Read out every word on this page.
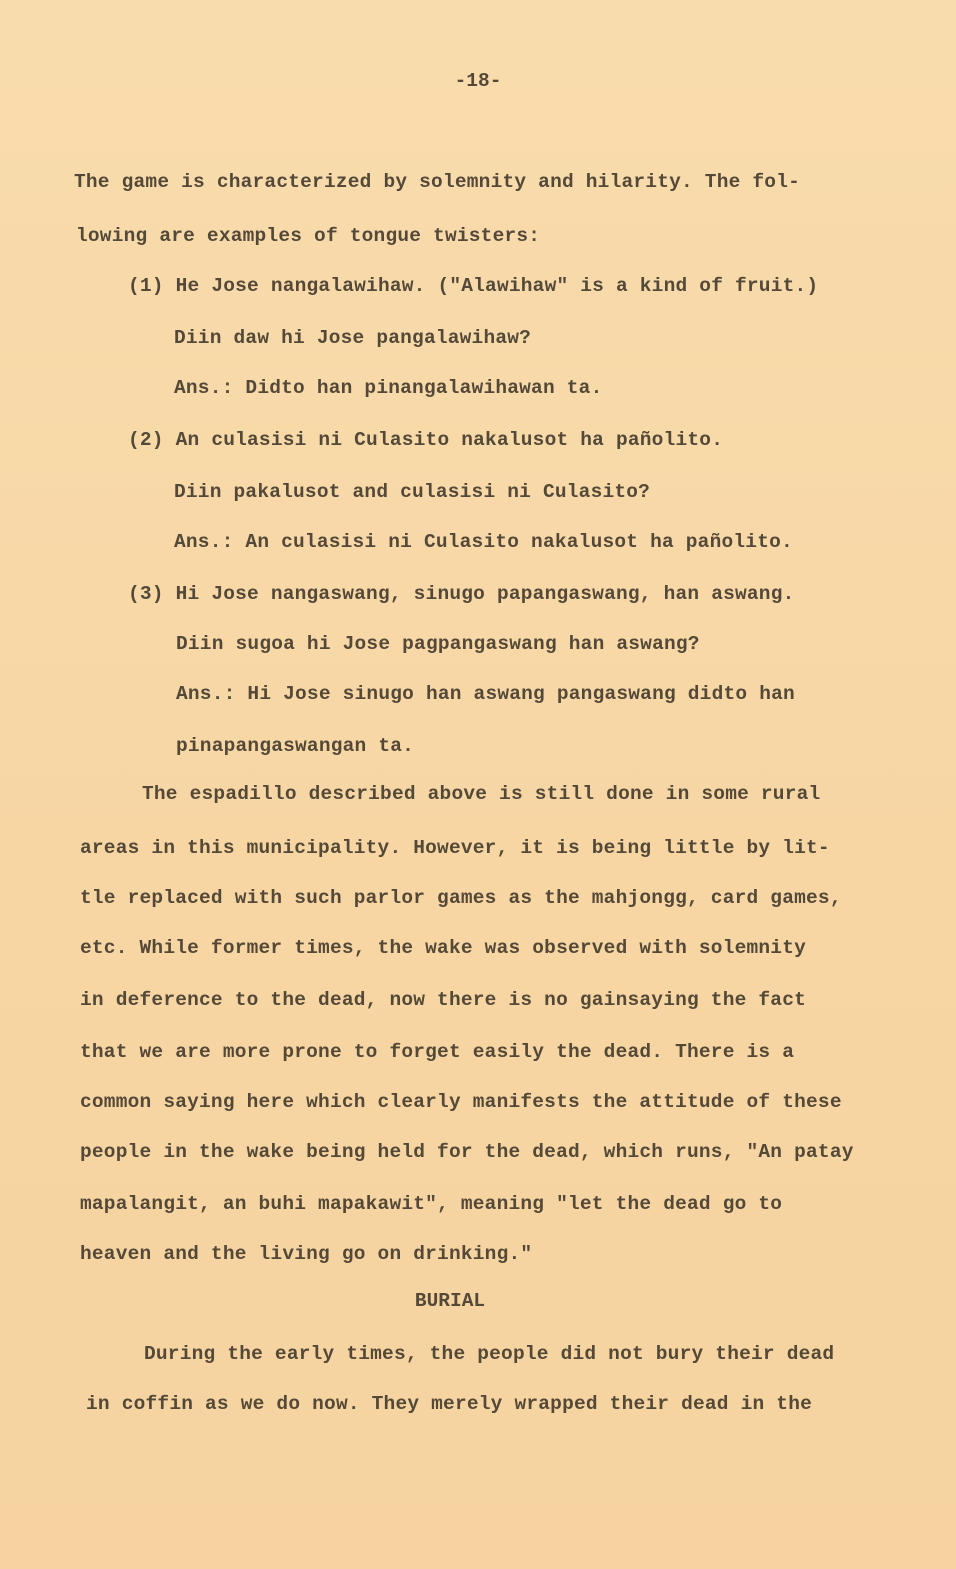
-18-
The game is characterized by solemnity and hilarity. The fol-
lowing are examples of tongue twisters:
(1) He Jose nangalawihaw. ("Alawihaw" is a kind of fruit.)
Diin daw hi Jose pangalawihaw?
Ans.: Didto han pinangalawihawan ta.
(2) An culasisi ni Culasito nakalusot ha pañolito.
Diin pakalusot and culasisi ni Culasito?
Ans.: An culasisi ni Culasito nakalusot ha pañolito.
(3) Hi Jose nangaswang, sinugo papangaswang, han aswang.
Diin sugoa hi Jose pagpangaswang han aswang?
Ans.: Hi Jose sinugo han aswang pangaswang didto han
pinapangaswangan ta.
The espadillo described above is still done in some rural
areas in this municipality. However, it is being little by lit-
tle replaced with such parlor games as the mahjongg, card games,
etc. While former times, the wake was observed with solemnity
in deference to the dead, now there is no gainsaying the fact
that we are more prone to forget easily the dead. There is a
common saying here which clearly manifests the attitude of these
people in the wake being held for the dead, which runs, "An patay
mapalangit, an buhi mapakawit", meaning "let the dead go to
heaven and the living go on drinking."
BURIAL
During the early times, the people did not bury their dead
in coffin as we do now. They merely wrapped their dead in the
